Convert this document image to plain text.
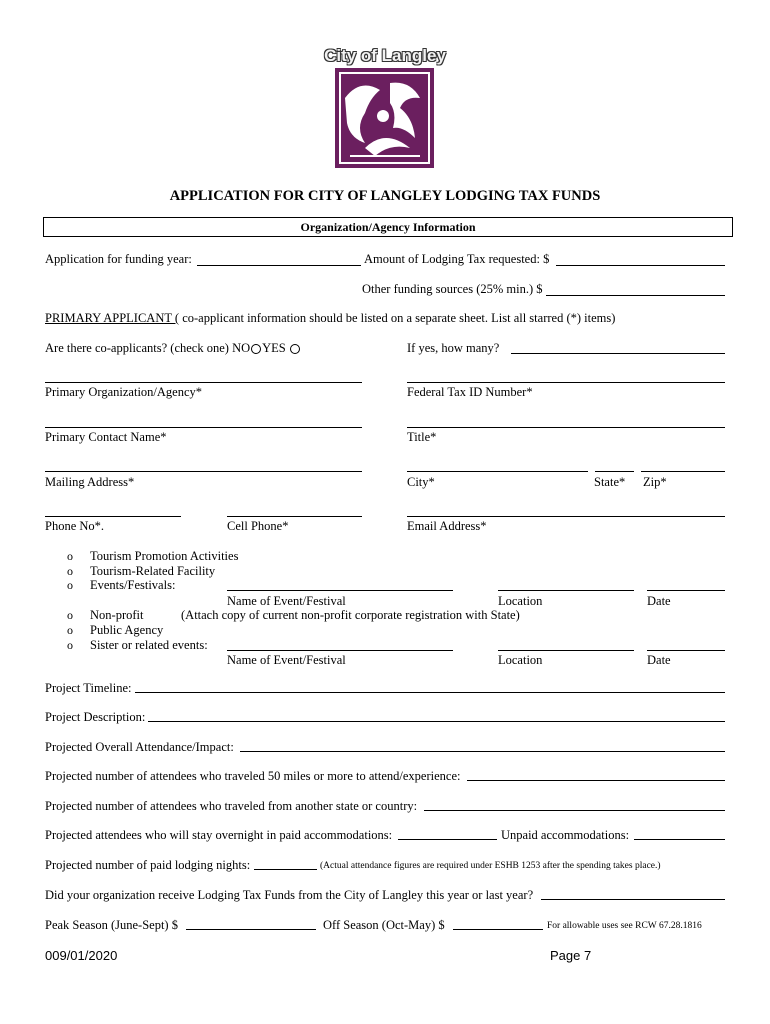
City of Langley
APPLICATION FOR CITY OF LANGLEY LODGING TAX FUNDS
Organization/Agency Information
Application for funding year:	Amount of Lodging Tax requested: $
Other funding sources (25% min.) $
PRIMARY APPLICANT ( co-applicant information should be listed on a separate sheet. List all starred (*) items)
Are there co-applicants? (check one) NO YES	If yes, how many?
Primary Organization/Agency*	Federal Tax ID Number*
Primary Contact Name*	Title*
Mailing Address*	City*	State* Zip*
Phone No*.	Cell Phone*	Email Address*
o Tourism Promotion Activities
o Tourism-Related Facility
o Events/Festivals:
Name of Event/Festival	Location	Date
o Non-profit	(Attach copy of current non-profit corporate registration with State)
o Public Agency
o Sister or related events:
Name of Event/Festival	Location	Date
Project Timeline:
Project Description:
Projected Overall Attendance/Impact:
Projected number of attendees who traveled 50 miles or more to attend/experience:
Projected number of attendees who traveled from another state or country:
Projected attendees who will stay overnight in paid accommodations:	Unpaid accommodations:
Projected number of paid lodging nights:	(Actual attendance figures are required under ESHB 1253 after the spending takes place.)
Did your organization receive Lodging Tax Funds from the City of Langley this year or last year?
Peak Season (June-Sept) $	Off Season (Oct-May) $	For allowable uses see RCW 67.28.1816
009/01/2020	Page 7
